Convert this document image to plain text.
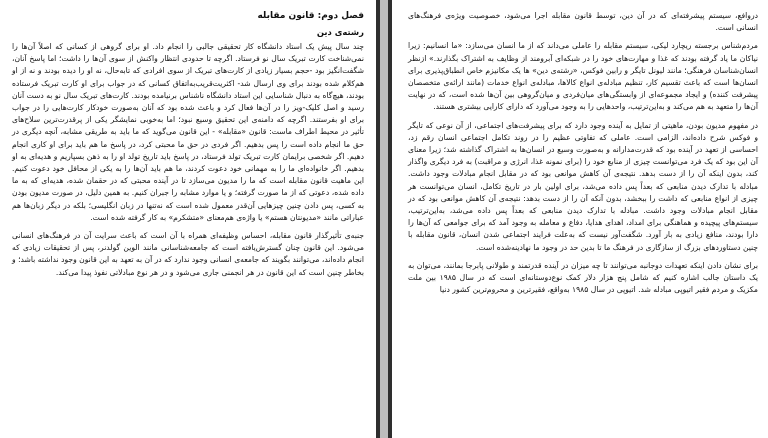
دروافع، سیستم پیشرفته‌ای که در آن دین، توسط قانون مقابله اجرا می‌شود، خصوصیت ویژه‌ی فرهنگ‌های انسانی است.

مردم‌شناس برجسته ریچارد لیکی، سیستم مقابله را عاملی می‌داند که از ما انسان می‌سازد: «ما انسانیم: زیرا نیاکان ما یاد گرفته بودند که غذا و مهارت‌های خود را در شبکه‌ای آبرومند از وظایف به اشتراک بگذارند.» ازنظر انسان‌شناسان فرهنگی؛ مانند لیونل تایگر و رابین فوکس، «رشته‌ی دین» ها یک مکانیزم خاص انطباق‌پذیری برای انسان‌ها است که باعث تقسیم کار، تنظیم مبادله‌ی انواع کالاها، مبادله‌ی انواع خدمات (مانند ارائه‌ی متخصصان پیشرفت کننده) و ایجاد مجموعه‌ای از وابستگی‌های میان‌فردی و میان‌گروهی بین آن‌ها شده است، که در نهایت آن‌ها را متعهد به هم می‌کند و به‌این‌ترتیب، واحدهایی را به وجود می‌آورد که دارای کارایی بیشتری هستند.

در مفهوم مدیون بودن، ماهیتی از تمایل به آینده وجود دارد که برای پیشرفت‌های اجتماعی، از آن نوعی که تایگر و فوکس شرح داده‌اند، الزامی است. عاملی که تفاوتی عظیم را در روند تکامل اجتماعی انسان رقم زد، احساسی از تعهد در آینده بود که قدرت‌مدارانه و به‌صورت وسیع در انسان‌ها به اشتراک گذاشته شد؛ زیرا معنای آن این بود که یک فرد می‌توانست چیزی از منابع خود را (برای نمونه غذا، انرژی و مراقبت) به فرد دیگری واگذار کند، بدون اینکه آن را از دست بدهد. نتیجه‌ی آن کاهش موانعی بود که در مقابل انجام مبادلات وجود داشت. مبادله با تدارک دیدن منابعی که بعداً پس داده می‌شد، برای اولین بار در تاریخ تکامل، انسان می‌توانست هر چیزی از انواع منابعی که داشت را ببخشد، بدون آنکه آن را از دست بدهد: نتیجه‌ی آن کاهش موانعی بود که در مقابل انجام مبادلات وجود داشت. مبادله با تدارک دیدن منابعی که بعداً پس داده می‌شد، به‌این‌ترتیب، سیستم‌های پیچیده و هماهنگی برای امداد، اهدای هدایا، دفاع و معامله به وجود آمد که برای جوامعی که آن‌ها را دارا بودند، منافع زیادی به بار آورد. شگفت‌آور نیست که به‌علت فرایند اجتماعی شدن انسان، قانون مقابله با چنین دستاوردهای بزرگ از سازگاری در فرهنگ ما تا بدین حد در وجود ما نهادینه‌شده است.

برای نشان دادن اینکه تعهدات دوجانبه می‌توانند تا چه میزان در آینده قدرتمند و طولانی پابرجا بمانند، می‌توان به یک داستان جالب اشاره کنیم که شامل پنج هزار دلار کمک نوع‌دوستانه‌ای است که در سال ۱۹۸۵ بین ملت مکزیک و مردم فقیر اتیوپی مبادله شد. اتیوپی در سال ۱۹۸۵ به‌واقع، فقیرترین و محروم‌ترین کشور دنیا

فصل دوم: قانون مقابله
رشته‌ی دین

چند سال پیش یک استاد دانشگاه کار تحقیقی جالبی را انجام داد. او برای گروهی از کسانی که اصلاً آن‌ها را نمی‌شناخت کارت تبریک سال نو فرستاد. اگرچه تا حدودی انتظار واکنش از سوی آن‌ها را داشت؛ اما پاسخ آنان، شگفت‌انگیز بود -حجم بسیار زیادی از کارت‌های تبریک از سوی افرادی که تابه‌حال، نه او را دیده بودند و نه از او هم‌کلام شده بودند برای وی ارسال شد- اکثریت‌قریب‌به‌اتفاق کسانی که در جواب برای او کارت تبریک فرستاده بودند، هیچ‌گاه به دنبال شناسایی این استاد دانشگاه ناشناس برنیامده بودند. کارت‌های تبریک سال نو به دست آنان رسید و اصل کلیک-ویز را در آن‌ها فعال کرد و باعث شده بود که آنان به‌صورت خودکار کارت‌هایی را در جواب برای او بفرستند. اگرچه که دامنه‌ی این تحقیق وسیع نبود؛ اما به‌خوبی نمایشگر یکی از پرقدرت‌ترین سلاح‌های تأثیر در محیط اطراف ماست: قانون «مقابله» - این قانون می‌گوید که ما باید به طریقی مشابه، آنچه دیگری در حق ما انجام داده است را پس بدهیم. اگر فردی در حق ما محبتی کرد، در پاسخ ما هم باید برای او کاری انجام دهیم. اگر شخصی برایمان کارت تبریک تولد فرستاد، در پاسخ باید تاریخ تولد او را به ذهن بسپاریم و هدیه‌ای به او بدهیم. اگر خانواده‌ای ما را به مهمانی خود دعوت کردند، ما هم باید آن‌ها را به یکی از محافل خود دعوت کنیم. این ماهیت قانون مقابله است که ما را مدیون می‌سازد تا در آینده محبتی که در حقمان شده، هدیه‌ای که به ما داده شده، دعوتی که از ما صورت گرفته؛ و یا موارد مشابه را جبران کنیم. به همین دلیل، در صورت مدیون بودن به کسی، پس دادن چنین چیزهایی آن‌قدر معمول شده است که نه‌تنها در زبان انگلیسی؛ بلکه در دیگر زبان‌ها هم عباراتی مانند «مدیونتان هستم» یا واژه‌ی هم‌معنای «متشکرم» به کار گرفته شده است.

جنبه‌ی تأثیرگذار قانون مقابله، احساس وظیفه‌ای همراه با آن است که باعث سرایت آن در فرهنگ‌های انسانی می‌شود. این قانون چنان گسترش‌یافته است که جامعه‌شناسانی مانند الوین گولدنر، پس از تحقیقات زیادی که انجام داده‌اند، می‌توانند بگویند که جامعه‌ی انسانی وجود ندارد که در آن به تعهد به این قانون وجود نداشته باشد؛ و بخاطر چنین است که این قانون در هر انجمنی جاری می‌شود و در هر نوع مبادلاتی نفوذ پیدا می‌کند.
